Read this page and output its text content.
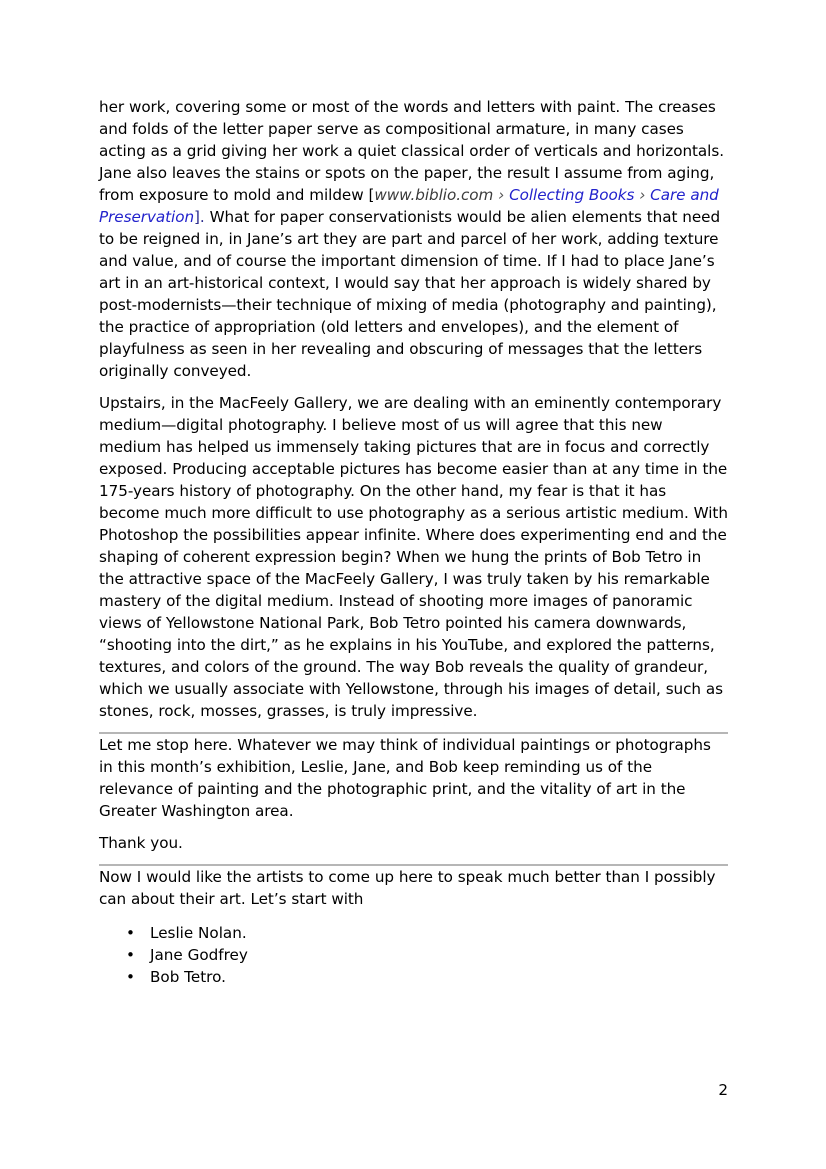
her work, covering some or most of the words and letters with paint. The creases and folds of the letter paper serve as compositional armature, in many cases acting as a grid giving her work a quiet classical order of verticals and horizontals. Jane also leaves the stains or spots on the paper, the result I assume from aging, from exposure to mold and mildew [www.biblio.com › Collecting Books › Care and Preservation]. What for paper conservationists would be alien elements that need to be reigned in, in Jane’s art they are part and parcel of her work, adding texture and value, and of course the important dimension of time. If I had to place Jane’s art in an art-historical context, I would say that her approach is widely shared by post-modernists—their technique of mixing of media (photography and painting), the practice of appropriation (old letters and envelopes), and the element of playfulness as seen in her revealing and obscuring of messages that the letters originally conveyed.

Upstairs, in the MacFeely Gallery, we are dealing with an eminently contemporary medium—digital photography. I believe most of us will agree that this new medium has helped us immensely taking pictures that are in focus and correctly exposed. Producing acceptable pictures has become easier than at any time in the 175-years history of photography. On the other hand, my fear is that it has become much more difficult to use photography as a serious artistic medium. With Photoshop the possibilities appear infinite. Where does experimenting end and the shaping of coherent expression begin? When we hung the prints of Bob Tetro in the attractive space of the MacFeely Gallery, I was truly taken by his remarkable mastery of the digital medium. Instead of shooting more images of panoramic views of Yellowstone National Park, Bob Tetro pointed his camera downwards, “shooting into the dirt,” as he explains in his YouTube, and explored the patterns, textures, and colors of the ground. The way Bob reveals the quality of grandeur, which we usually associate with Yellowstone, through his images of detail, such as stones, rock, mosses, grasses, is truly impressive.

Let me stop here. Whatever we may think of individual paintings or photographs in this month’s exhibition, Leslie, Jane, and Bob keep reminding us of the relevance of painting and the photographic print, and the vitality of art in the Greater Washington area.

Thank you.

Now I would like the artists to come up here to speak much better than I possibly can about their art. Let’s start with

• Leslie Nolan.
• Jane Godfrey
• Bob Tetro.
2
